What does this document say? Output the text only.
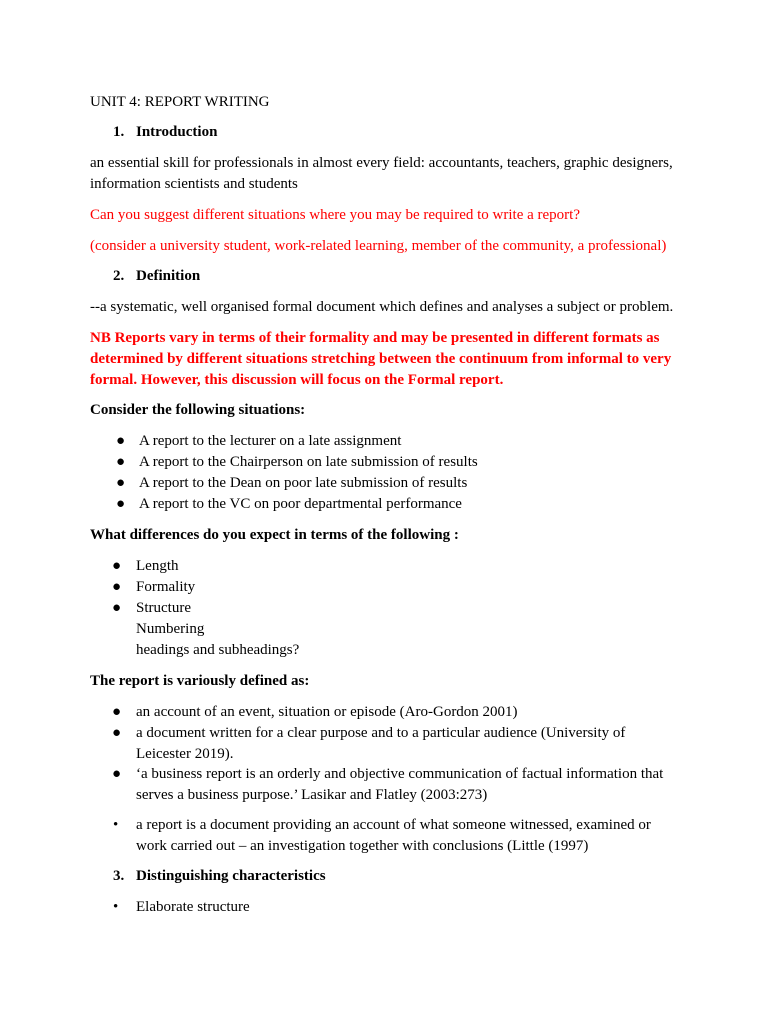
UNIT 4: REPORT WRITING
1. Introduction
an essential skill for professionals in almost every field: accountants, teachers, graphic designers,
information scientists and students
Can you suggest different situations where you may be required to write a report?
(consider a university student, work-related learning, member of the community, a professional)
2. Definition
--a systematic, well organised formal document which defines and analyses a subject or problem.
NB Reports vary in terms of their formality and may be presented in different formats as
determined by different situations stretching between the continuum from informal to very
formal. However, this discussion will focus on the Formal report.
Consider the following situations:
● A report to the lecturer on a late assignment
● A report to the Chairperson on late submission of results
● A report to the Dean on poor late submission of results
● A report to the VC on poor departmental performance
What differences do you expect in terms of the following :
● Length
● Formality
● Structure
Numbering
headings and subheadings?
The report is variously defined as:
● an account of an event, situation or episode (Aro-Gordon 2001)
● a document written for a clear purpose and to a particular audience (University of
Leicester 2019).
● ‘a business report is an orderly and objective communication of factual information that
serves a business purpose.’ Lasikar and Flatley (2003:273)
• a report is a document providing an account of what someone witnessed, examined or
work carried out – an investigation together with conclusions (Little (1997)
3. Distinguishing characteristics
• Elaborate structure
